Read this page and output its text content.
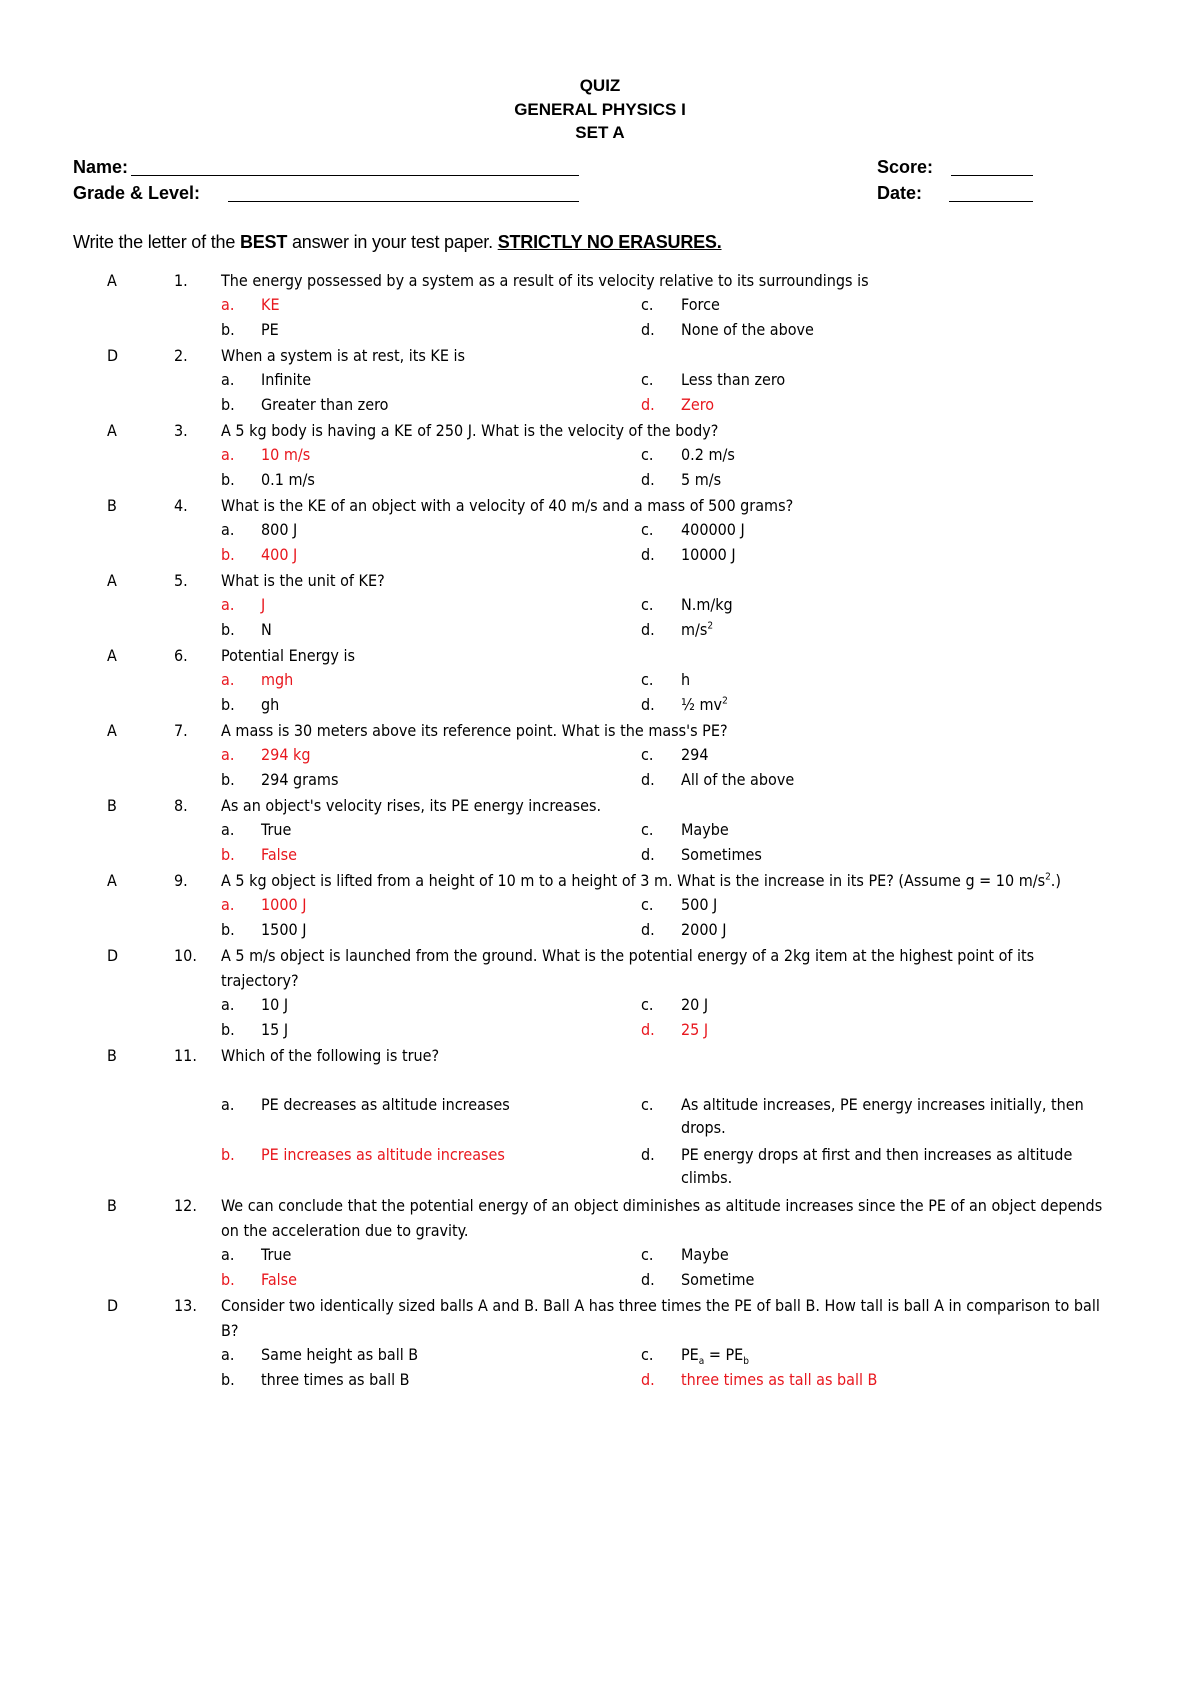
QUIZ
GENERAL PHYSICS I
SET A
Name:	Score:
Grade & Level:	Date:
Write the letter of the BEST answer in your test paper. STRICTLY NO ERASURES.
A	1.	The energy possessed by a system as a result of its velocity relative to its surroundings is
a. KE	c. Force
b. PE	d. None of the above
D	2.	When a system is at rest, its KE is
a. Infinite	c. Less than zero
b. Greater than zero	d. Zero
A	3.	A 5 kg body is having a KE of 250 J. What is the velocity of the body?
a. 10 m/s	c. 0.2 m/s
b. 0.1 m/s	d. 5 m/s
B	4.	What is the KE of an object with a velocity of 40 m/s and a mass of 500 grams?
a. 800 J	c. 400000 J
b. 400 J	d. 10000 J
A	5.	What is the unit of KE?
a. J	c. N.m/kg
b. N	d. $m/s^2$
A	6.	Potential Energy is
a. mgh	c. h
b. gh	d. ½ $mv^2$
A	7.	A mass is 30 meters above its reference point. What is the mass's PE?
a. 294 kg	c. 294
b. 294 grams	d. All of the above
B	8.	As an object's velocity rises, its PE energy increases.
a. True	c. Maybe
b. False	d. Sometimes
A	9.	A 5 kg object is lifted from a height of 10 m to a height of 3 m. What is the increase in its PE? (Assume g = 10 $m/s^2$.)
a. 1000 J	c. 500 J
b. 1500 J	d. 2000 J
D	10.	A 5 m/s object is launched from the ground. What is the potential energy of a 2kg item at the highest point of its trajectory?
a. 10 J	c. 20 J
b. 15 J	d. 25 J
B	11.	Which of the following is true?
a. PE decreases as altitude increases	c. As altitude increases, PE energy increases initially, then drops.
b. PE increases as altitude increases	d. PE energy drops at first and then increases as altitude climbs.
B	12.	We can conclude that the potential energy of an object diminishes as altitude increases since the PE of an object depends on the acceleration due to gravity.
a. True	c. Maybe
b. False	d. Sometime
D	13.	Consider two identically sized balls A and B. Ball A has three times the PE of ball B. How tall is ball A in comparison to ball B?
a. Same height as ball B	c. $PE_a = PE_b$
b. three times as ball B	d. three times as tall as ball B
